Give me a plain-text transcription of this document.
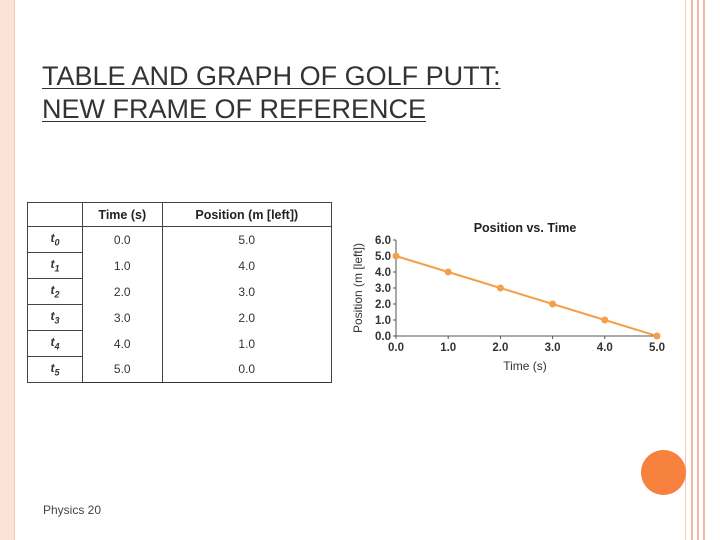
TABLE AND GRAPH OF GOLF PUTT:
NEW FRAME OF REFERENCE
	Time (s)	Position (m [left])
$t_0$	0.0	5.0
$t_1$	1.0	4.0
$t_2$	2.0	3.0
$t_3$	3.0	2.0
$t_4$	4.0	1.0
$t_5$	5.0	0.0
Position vs. Time
0.0
1.0
2.0
3.0
4.0
5.0
6.0
0.0	1.0	2.0	3.0	4.0	5.0
Time (s)
Position (m [left])
Physics 20
